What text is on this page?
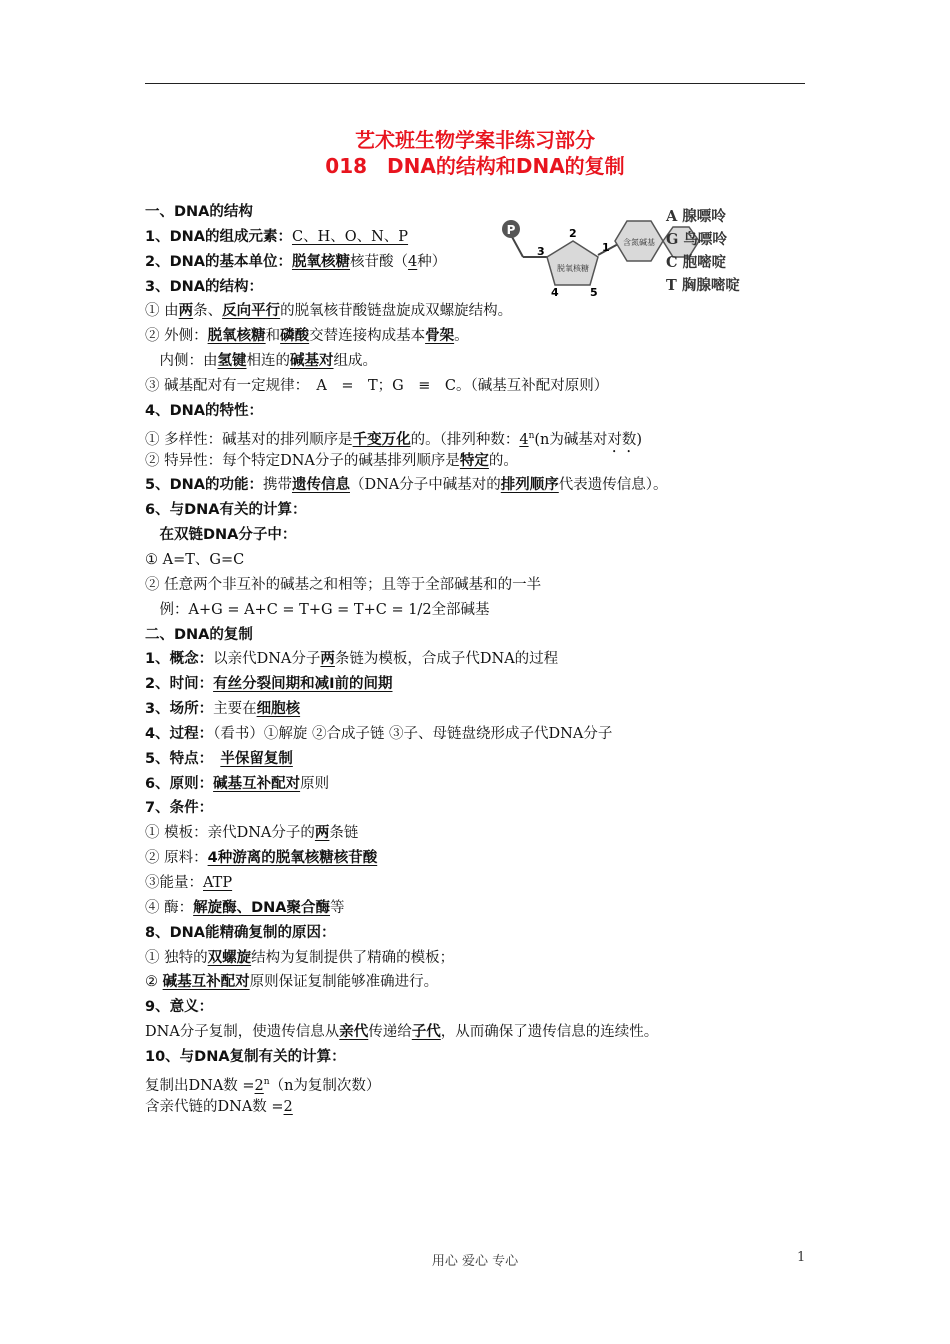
艺术班生物学案非练习部分
018　DNA的结构和DNA的复制
一、DNA的结构
1、DNA的组成元素：C、H、O、N、P
2、DNA的基本单位：脱氧核糖核苷酸（4种）
3、DNA的结构：
① 由两条、反向平行的脱氧核苷酸链盘旋成双螺旋结构。
② 外侧：脱氧核糖和磷酸交替连接构成基本骨架。
　内侧：由氢键相连的碱基对组成。
③ 碱基配对有一定规律：　A　=　T；G　≡　C。（碱基互补配对原则）
4、DNA的特性：
① 多样性：碱基对的排列顺序是千变万化的。（排列种数：4$^n$(n为碱基对对数)
② 特异性：每个特定DNA分子的碱基排列顺序是特定的。
5、DNA的功能：携带遗传信息（DNA分子中碱基对的排列顺序代表遗传信息）。
6、与DNA有关的计算：
　在双链DNA分子中：
① A=T、G=C
② 任意两个非互补的碱基之和相等；且等于全部碱基和的一半
　例：A+G = A+C = T+G = T+C = 1/2全部碱基
二、DNA的复制
1、概念：以亲代DNA分子两条链为模板，合成子代DNA的过程
2、时间：有丝分裂间期和减Ⅰ前的间期
3、场所：主要在细胞核
4、过程：（看书）①解旋 ②合成子链 ③子、母链盘绕形成子代DNA分子
5、特点：　 半保留复制
6、原则：碱基互补配对原则
7、条件：
① 模板：亲代DNA分子的两条链
② 原料：4种游离的脱氧核糖核苷酸
③能量：ATP
④ 酶：解旋酶、DNA聚合酶等
8、DNA能精确复制的原因：
① 独特的双螺旋结构为复制提供了精确的模板；
② 碱基互补配对原则保证复制能够准确进行。
9、意义：
DNA分子复制，使遗传信息从亲代传递给子代，从而确保了遗传信息的连续性。
10、与DNA复制有关的计算：
复制出DNA数 $=2^n(n$为复制次数）
含亲代链的DNA数 =2
P
脱氧核糖
含氮碱基
1
2
3
4	5
A 腺嘌呤
G 鸟嘌呤
C 胞嘧啶
T 胸腺嘧啶
用心 爱心 专心	1
